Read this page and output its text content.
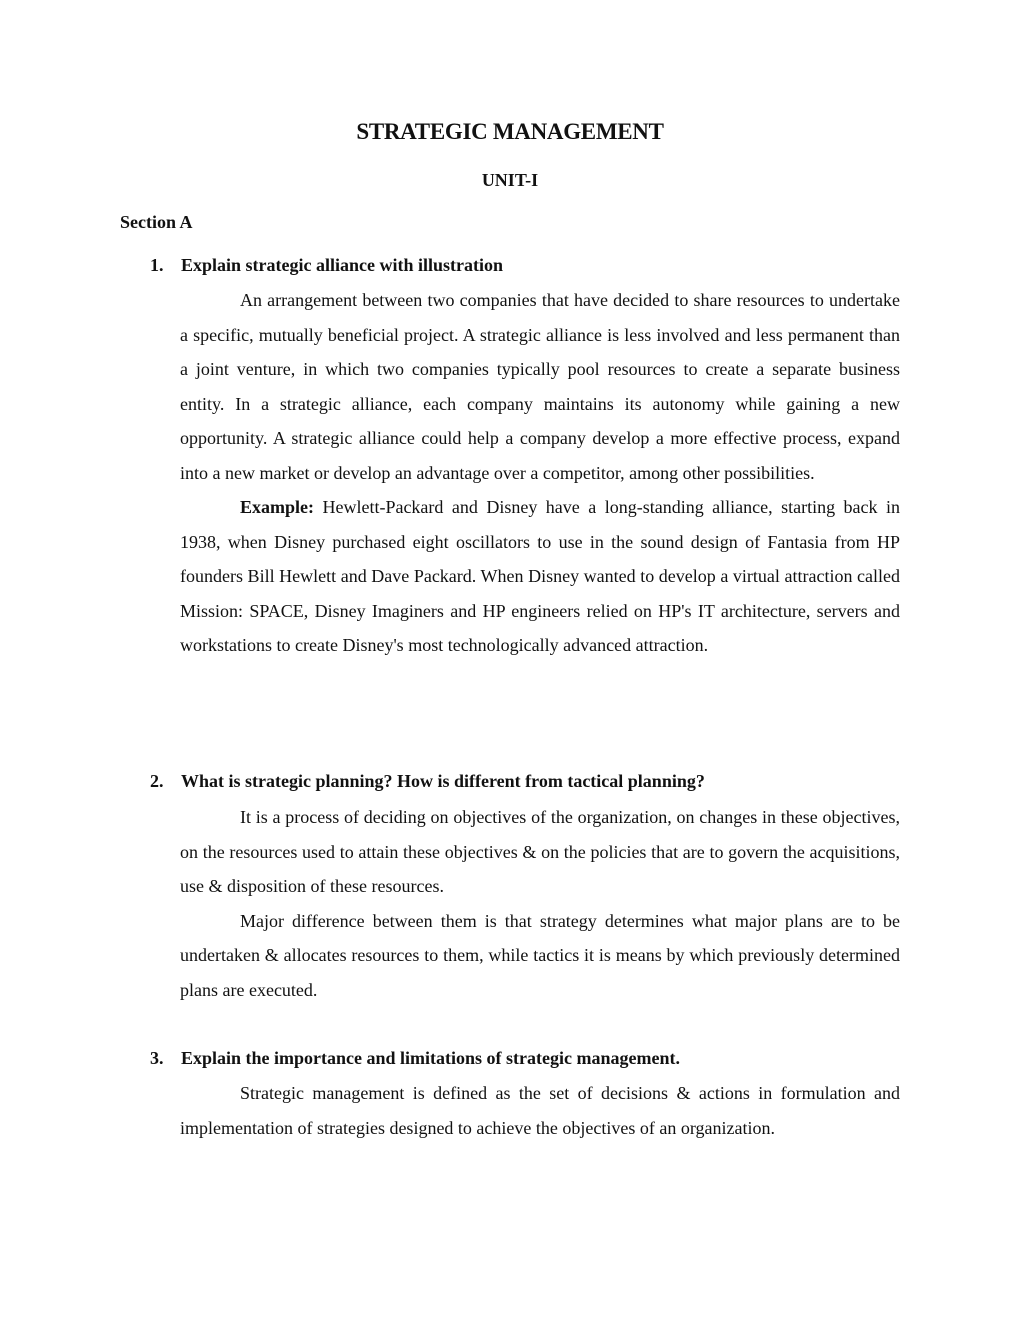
STRATEGIC MANAGEMENT
UNIT-I
Section A
1. Explain strategic alliance with illustration

An arrangement between two companies that have decided to share resources to undertake a specific, mutually beneficial project. A strategic alliance is less involved and less permanent than a joint venture, in which two companies typically pool resources to create a separate business entity. In a strategic alliance, each company maintains its autonomy while gaining a new opportunity. A strategic alliance could help a company develop a more effective process, expand into a new market or develop an advantage over a competitor, among other possibilities.

Example: Hewlett-Packard and Disney have a long-standing alliance, starting back in 1938, when Disney purchased eight oscillators to use in the sound design of Fantasia from HP founders Bill Hewlett and Dave Packard. When Disney wanted to develop a virtual attraction called Mission: SPACE, Disney Imaginers and HP engineers relied on HP's IT architecture, servers and workstations to create Disney's most technologically advanced attraction.

2. What is strategic planning? How is different from tactical planning?

It is a process of deciding on objectives of the organization, on changes in these objectives, on the resources used to attain these objectives & on the policies that are to govern the acquisitions, use & disposition of these resources.

Major difference between them is that strategy determines what major plans are to be undertaken & allocates resources to them, while tactics it is means by which previously determined plans are executed.

3. Explain the importance and limitations of strategic management.

Strategic management is defined as the set of decisions & actions in formulation and implementation of strategies designed to achieve the objectives of an organization.
